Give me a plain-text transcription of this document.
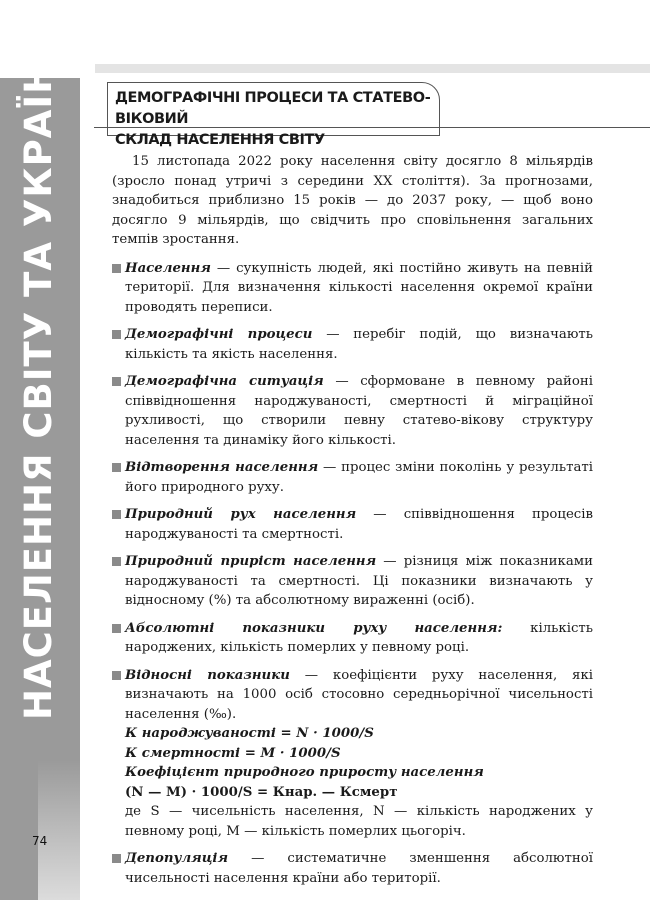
НАСЕЛЕННЯ СВІТУ ТА УКРАЇНИ
74
ДЕМОГРАФІЧНІ ПРОЦЕСИ ТА СТАТЕВО-ВІКОВИЙ
СКЛАД НАСЕЛЕННЯ СВІТУ

15 листопада 2022 року населення світу досягло 8 мільярдів (зросло понад утричі з середини XX століття). За прогнозами, знадобиться приблизно 15 років — до 2037 року, — щоб воно досягло 9 мільярдів, що свідчить про сповільнення загальних темпів зростання.

Населення — сукупність людей, які постійно живуть на певній території. Для визначення кількості населення окремої країни проводять переписи.
Демографічні процеси — перебіг подій, що визначають кількість та якість населення.
Демографічна ситуація — сформоване в певному районі співвідношення народжуваності, смертності й міграційної рухливості, що створили певну статево-вікову структуру населення та динаміку його кількості.
Відтворення населення — процес зміни поколінь у результаті його природного руху.
Природний рух населення — співвідношення процесів народжуваності та смертності.
Природний приріст населення — різниця між показниками народжуваності та смертності. Ці показники визначають у відносному (%) та абсолютному вираженні (осіб).
Абсолютні показники руху населення: кількість народжених, кількість померлих у певному році.
Відносні показники — коефіцієнти руху населення, які визначають на 1000 осіб стосовно середньорічної чисельності населення (‰).
К народжуваності = N · 1000/S
К смертності = M · 1000/S
Коефіцієнт природного приросту населення
(N — M) · 1000/S = Кнар. — Ксмерт
де S — чисельність населення, N — кількість народжених у певному році, M — кількість померлих цьогоріч.
Депопуляція — систематичне зменшення абсолютної чисельності населення країни або території.
